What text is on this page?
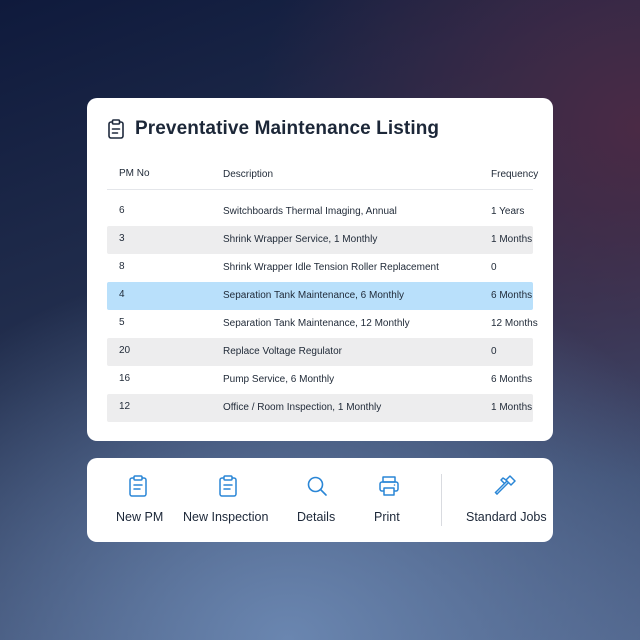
Preventative Maintenance Listing
PM No	Description	Frequency
6	Switchboards Thermal Imaging, Annual	1 Years
3	Shrink Wrapper Service, 1 Monthly	1 Months
8	Shrink Wrapper Idle Tension Roller Replacement	0
4	Separation Tank Maintenance, 6 Monthly	6 Months
5	Separation Tank Maintenance, 12 Monthly	12 Months
20	Replace Voltage Regulator	0
16	Pump Service, 6 Monthly	6 Months
12	Office / Room Inspection, 1 Monthly	1 Months
New PM New Inspection Details	Print	Standard Jobs
